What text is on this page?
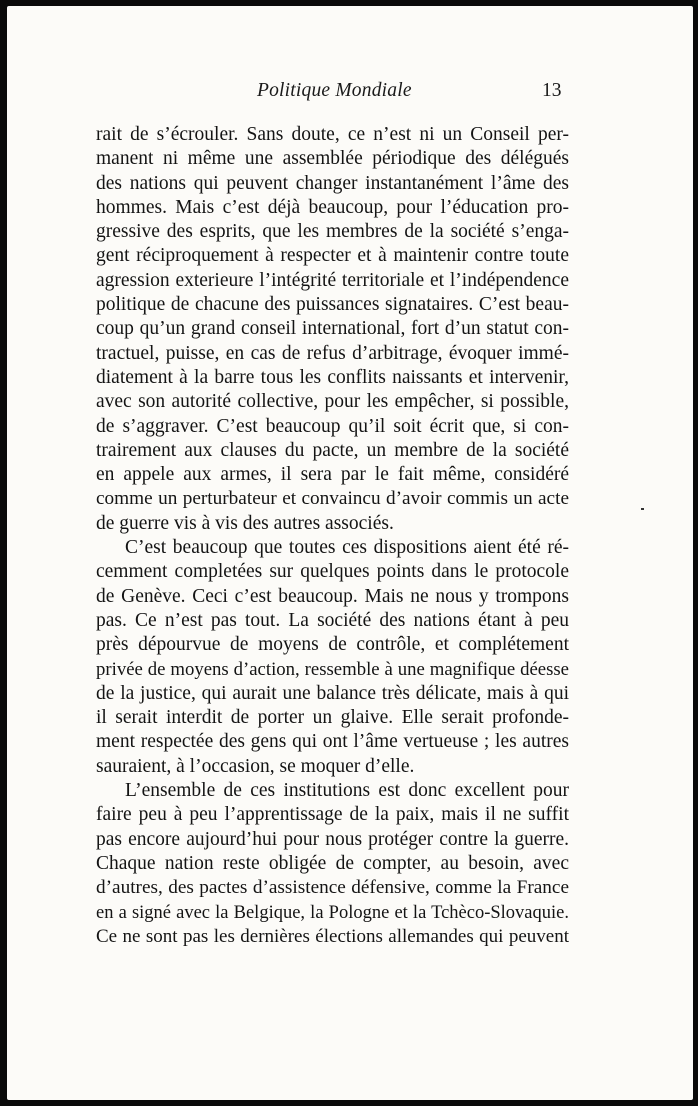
Politique Mondiale	13
rait de s’écrouler. Sans doute, ce n’est ni un Conseil per-
manent ni même une assemblée périodique des délégués
des nations qui peuvent changer instantanément l’âme des
hommes. Mais c’est déjà beaucoup, pour l’éducation pro-
gressive des esprits, que les membres de la société s’enga-
gent réciproquement à respecter et à maintenir contre toute
agression exterieure l’intégrité territoriale et l’indépendence
politique de chacune des puissances signataires. C’est beau-
coup qu’un grand conseil international, fort d’un statut con-
tractuel, puisse, en cas de refus d’arbitrage, évoquer immé-
diatement à la barre tous les conflits naissants et intervenir,
avec son autorité collective, pour les empêcher, si possible,
de s’aggraver. C’est beaucoup qu’il soit écrit que, si con-
trairement aux clauses du pacte, un membre de la société
en appele aux armes, il sera par le fait même, considéré
comme un perturbateur et convaincu d’avoir commis un acte
de guerre vis à vis des autres associés.
C’est beaucoup que toutes ces dispositions aient été ré-
cemment completées sur quelques points dans le protocole
de Genève. Ceci c’est beaucoup. Mais ne nous y trompons
pas. Ce n’est pas tout. La société des nations étant à peu
près dépourvue de moyens de contrôle, et complétement
privée de moyens d’action, ressemble à une magnifique déesse
de la justice, qui aurait une balance très délicate, mais à qui
il serait interdit de porter un glaive. Elle serait profonde-
ment respectée des gens qui ont l’âme vertueuse ; les autres
sauraient, à l’occasion, se moquer d’elle.
L’ensemble de ces institutions est donc excellent pour
faire peu à peu l’apprentissage de la paix, mais il ne suffit
pas encore aujourd’hui pour nous protéger contre la guerre.
Chaque nation reste obligée de compter, au besoin, avec
d’autres, des pactes d’assistence défensive, comme la France
en a signé avec la Belgique, la Pologne et la Tchèco-Slovaquie.
Ce ne sont pas les dernières élections allemandes qui peuvent
